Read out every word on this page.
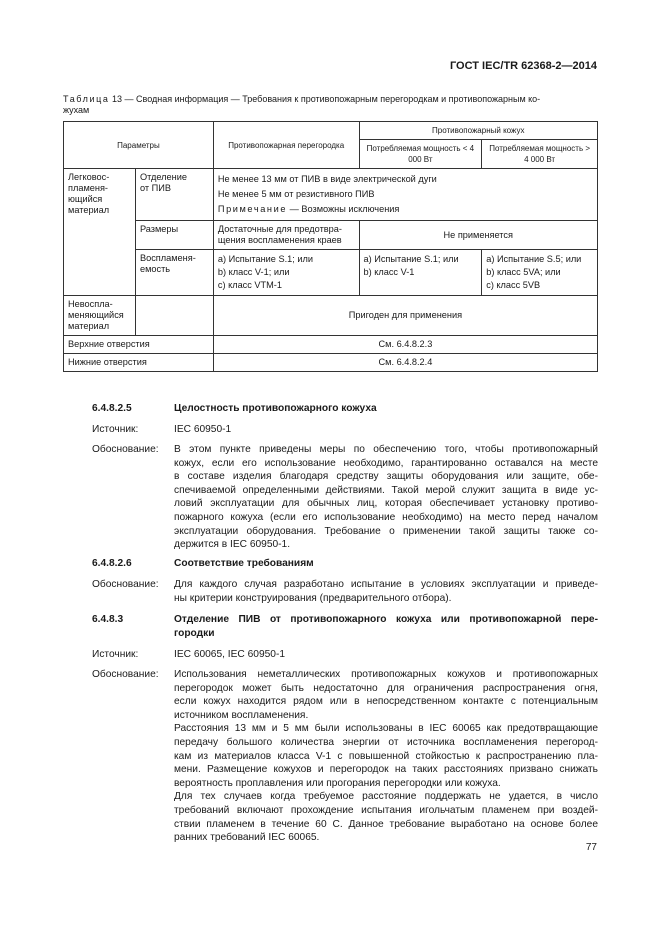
ГОСТ IEC/TR 62368-2—2014
Таблица 13 — Сводная информация — Требования к противопожарным перегородкам и противопожарным ко-
жухам
Параметры		Противопожарная перегородка	Противопожарный кожух	
			Потребляемая мощность < 4 000 Вт	Потребляемая мощность > 4 000 Вт

Легковос-
пламеня-
ющийся
материал	Отделение
от ПИВ	Не менее 13 мм от ПИВ в виде электрической дуги
Не менее 5 мм от резистивного ПИВ
Примечание — Возможны исключения		

	Размеры	Достаточные для предотвра-
щения воспламенения краев	Не применяется	

	Воспламеня-
емость	a) Испытание S.1; или
b) класс V-1; или
c) класс VTM-1	a) Испытание S.1; или
b) класс V-1	a) Испытание S.5; или
b) класс 5VA; или
c) класс 5VB

Невоспла-
меняющийся
материал		Пригоден для применения		
Верхние отверстия		См. 6.4.8.2.3		
Нижние отверстия		См. 6.4.8.2.4		
6.4.8.2.5	Целостность противопожарного кожуха
Источник:	IEC 60950-1
Обоснование: В этом пункте приведены меры по обеспечению того, чтобы противопожарный
кожух, если его использование необходимо, гарантированно оставался на месте
в составе изделия благодаря средству защиты оборудования или защите, обе-
спечиваемой определенными действиями. Такой мерой служит защита в виде ус-
ловий эксплуатации для обычных лиц, которая обеспечивает установку противо-
пожарного кожуха (если его использование необходимо) на место перед началом
эксплуатации оборудования. Требование о применении такой защиты также со-
держится в IEC 60950-1.
6.4.8.2.6	Соответствие требованиям
Обоснование: Для каждого случая разработано испытание в условиях эксплуатации и приведе-
ны критерии конструирования (предварительного отбора).
6.4.8.3	Отделение ПИВ от противопожарного кожуха или противопожарной пере-
городки
Источник:	IEC 60065, IEC 60950-1
Обоснование: Использования неметаллических противопожарных кожухов и противопожарных
перегородок может быть недостаточно для ограничения распространения огня,
если кожух находится рядом или в непосредственном контакте с потенциальным
источником воспламенения.
Расстояния 13 мм и 5 мм были использованы в IEC 60065 как предотвращающие
передачу большого количества энергии от источника воспламенения перегород-
кам из материалов класса V-1 с повышенной стойкостью к распространению пла-
мени. Размещение кожухов и перегородок на таких расстояниях призвано снижать
вероятность проплавления или прогорания перегородки или кожуха.
Для тех случаев когда требуемое расстояние поддержать не удается, в число
требований включают прохождение испытания игольчатым пламенем при воздей-
ствии пламенем в течение 60 С. Данное требование выработано на основе более
ранних требований IEC 60065.
77
